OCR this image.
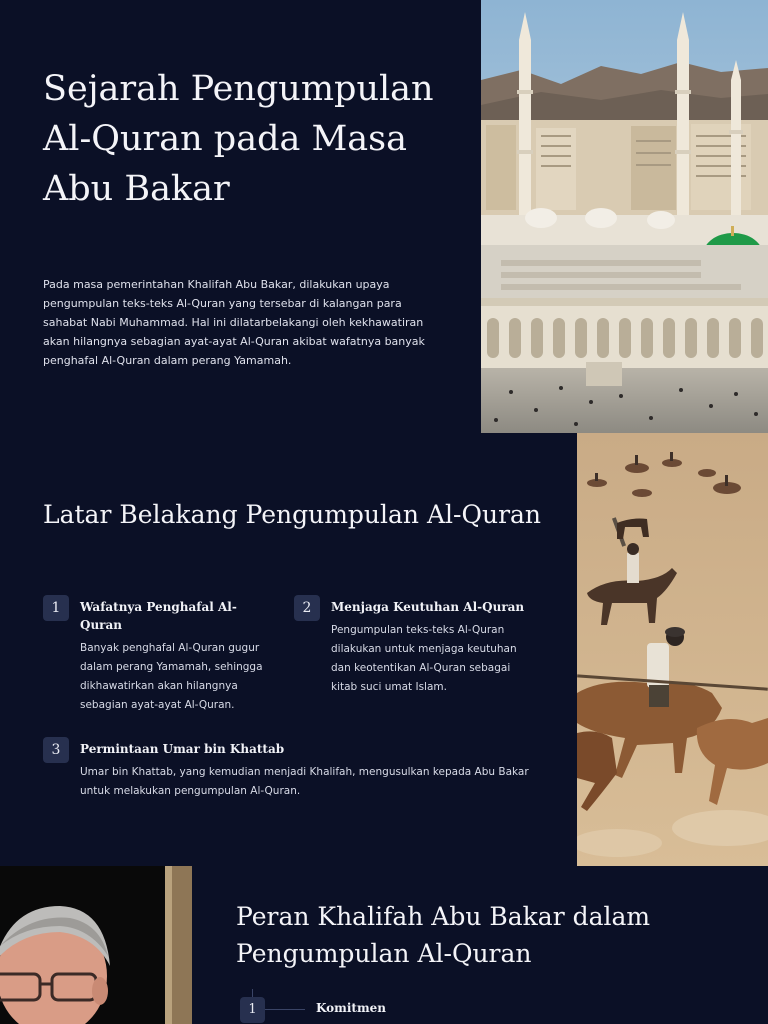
Sejarah Pengumpulan Al-Quran pada Masa Abu Bakar

Pada masa pemerintahan Khalifah Abu Bakar, dilakukan upaya pengumpulan teks-teks Al-Quran yang tersebar di kalangan para sahabat Nabi Muhammad. Hal ini dilatarbelakangi oleh kekhawatiran akan hilangnya sebagian ayat-ayat Al-Quran akibat wafatnya banyak penghafal Al-Quran dalam perang Yamamah.

Latar Belakang Pengumpulan Al-Quran
1	Wafatnya Penghafal Al-Quran

Banyak penghafal Al-Quran gugur dalam perang Yamamah, sehingga dikhawatirkan akan hilangnya sebagian ayat-ayat Al-Quran.

2	Menjaga Keutuhan Al-Quran

Pengumpulan teks-teks Al-Quran dilakukan untuk menjaga keutuhan dan keotentikan Al-Quran sebagai kitab suci umat Islam.

3	Permintaan Umar bin Khattab

Umar bin Khattab, yang kemudian menjadi Khalifah, mengusulkan kepada Abu Bakar untuk melakukan pengumpulan Al-Quran.

Peran Khalifah Abu Bakar dalam Pengumpulan Al-Quran
1	Komitmen
